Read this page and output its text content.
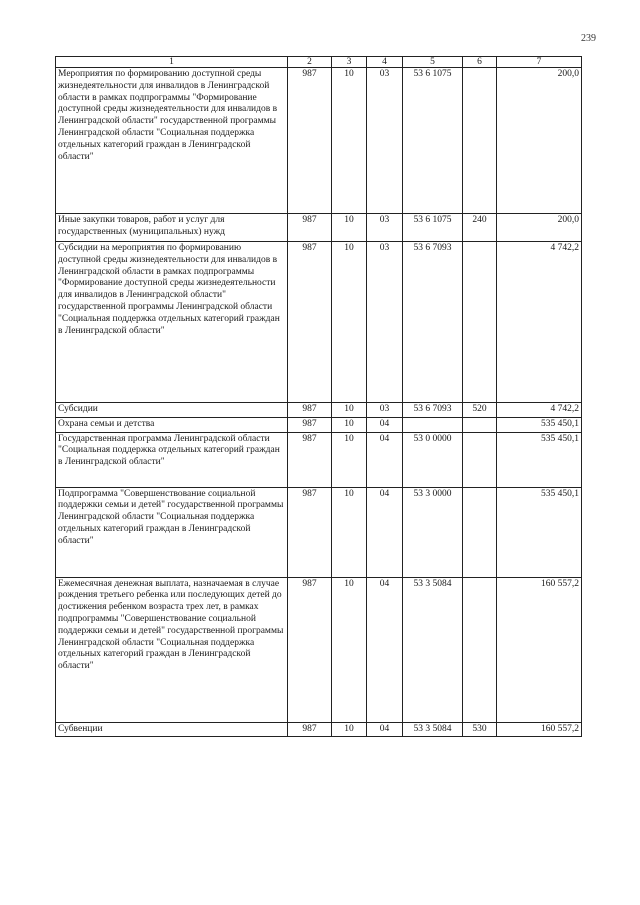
239
1	2	3	4	5	6	7
Мероприятия по формированию доступной среды жизнедеятельности для инвалидов в Ленинградской области в рамках подпрограммы "Формирование доступной среды жизнедеятельности для инвалидов в Ленинградской области" государственной программы Ленинградской области "Социальная поддержка отдельных категорий граждан в Ленинградской области"	987	10	03	53 6 1075		200,0
Иные закупки товаров, работ и услуг для государственных (муниципальных) нужд	987	10	03	53 6 1075	240	200,0
Субсидии на мероприятия по формированию доступной среды жизнедеятельности для инвалидов в Ленинградской области в рамках подпрограммы "Формирование доступной среды жизнедеятельности для инвалидов в Ленинградской области" государственной программы Ленинградской области "Социальная поддержка отдельных категорий граждан в Ленинградской области"	987	10	03	53 6 7093		4 742,2
Субсидии	987	10	03	53 6 7093	520	4 742,2
Охрана семьи и детства	987	10	04			535 450,1
Государственная программа Ленинградской области "Социальная поддержка отдельных категорий граждан в Ленинградской области"	987	10	04	53 0 0000		535 450,1
Подпрограмма "Совершенствование социальной поддержки семьи и детей" государственной программы Ленинградской области "Социальная поддержка отдельных категорий граждан в Ленинградской области"	987	10	04	53 3 0000		535 450,1
Ежемесячная денежная выплата, назначаемая в случае рождения третьего ребенка или последующих детей до достижения ребенком возраста трех лет, в рамках подпрограммы "Совершенствование социальной поддержки семьи и детей" государственной программы Ленинградской области "Социальная поддержка отдельных категорий граждан в Ленинградской области"	987	10	04	53 3 5084		160 557,2
Субвенции	987	10	04	53 3 5084	530	160 557,2
